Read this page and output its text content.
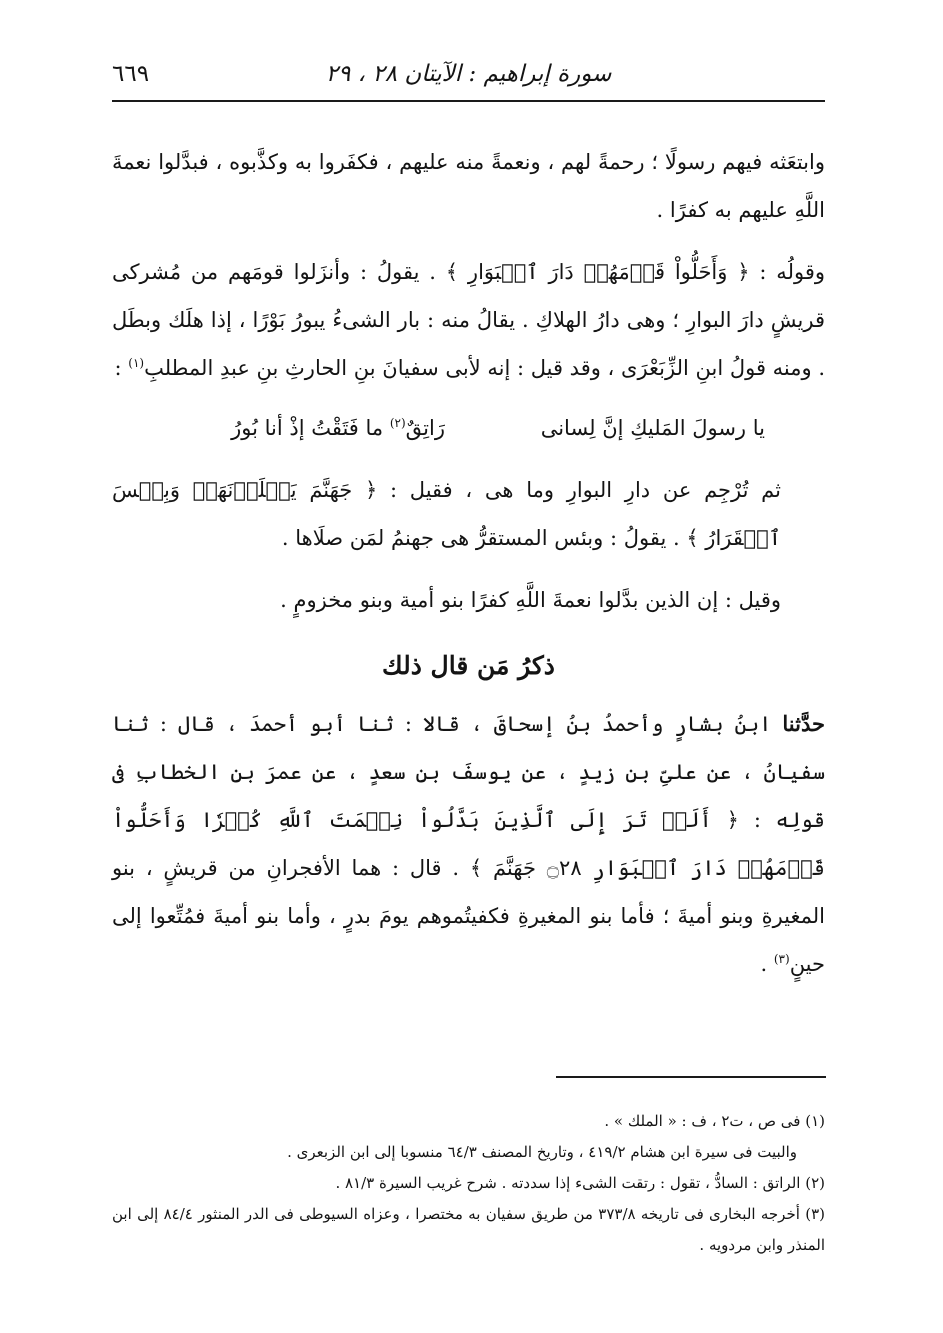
سورة إبراهيم : الآيتان ٢٨ ، ٢٩
٦٦٩

وابتعَثه فيهم رسولًا ؛ رحمةً لهم ، ونعمةً منه عليهم ، فكفَروا به وكذَّبوه ، فبدَّلوا نعمةَ اللَّهِ عليهم به كفرًا .

وقولُه : ﴿ وَأَحَلُّواْ قَوۡمَهُمۡ دَارَ ٱلۡبَوَارِ ﴾ . يقولُ : وأنزَلوا قومَهم من مُشركى قريشٍ دارَ البوارِ ؛ وهى دارُ الهلاكِ . يقالُ منه : بار الشىءُ يبورُ بَوْرًا ، إذا هلَك وبطَل . ومنه قولُ ابنِ الزِّبَعْرَى ، وقد قيل : إنه لأبى سفيانَ بنِ الحارثِ بنِ عبدِ المطلبِ$^{(١)}$ :

يا رسولَ المَليكِ إنَّ لِسانى
رَاتِقٌ$^{(٢)}$ ما فَتَقْتُ إذْ أنا بُورُ

ثم تُرْجِم عن دارِ البوارِ وما هى ، فقيل : ﴿ جَهَنَّمَ يَصۡلَوۡنَهَاۖ وَبِئۡسَ ٱلۡقَرَارُ ﴾ . يقولُ : وبئس المستقرُّ هى جهنمُ لمَن صلَاها .

وقيل : إن الذين بدَّلوا نعمةَ اللَّهِ كفرًا بنو أمية وبنو مخزومٍ .

ذكرُ مَن قال ذلك

حدَّثنا ابنُ بشارٍ وأحمدُ بنُ إسحاقَ ، قالا : ثنا أبو أحمدَ ، قال : ثنا سفيانُ ، عن علىِّ بنِ زيدٍ ، عن يوسفَ بنِ سعدٍ ، عن عمرَ بنِ الخطابِ فى قولِه : ﴿ أَلَمۡ تَرَ إِلَى ٱلَّذِينَ بَدَّلُواْ نِعۡمَتَ ٱللَّهِ كُفۡرٗا وَأَحَلُّواْ قَوۡمَهُمۡ دَارَ ٱلۡبَوَارِ ۝٢٨ جَهَنَّمَ ﴾ . قال : هما الأفجرانِ من قريشٍ ، بنو المغيرةِ وبنو أميةَ ؛ فأما بنو المغيرةِ فكفيتُموهم يومَ بدرٍ ، وأما بنو أميةَ فمُتِّعوا إلى حينٍ$^{(٣)}$ .

(١) فى ص ، ت٢ ، ف : « الملك » .

والبيت فى سيرة ابن هشام ٤١٩/٢ ، وتاريخ المصنف ٦٤/٣ منسوبا إلى ابن الزبعرى .

(٢) الراتق : السادُّ ، تقول : رتقت الشىء إذا سددته . شرح غريب السيرة ٨١/٣ .

(٣) أخرجه البخارى فى تاريخه ٣٧٣/٨ من طريق سفيان به مختصرا ، وعزاه السيوطى فى الدر المنثور ٨٤/٤ إلى ابن المنذر وابن مردويه .
